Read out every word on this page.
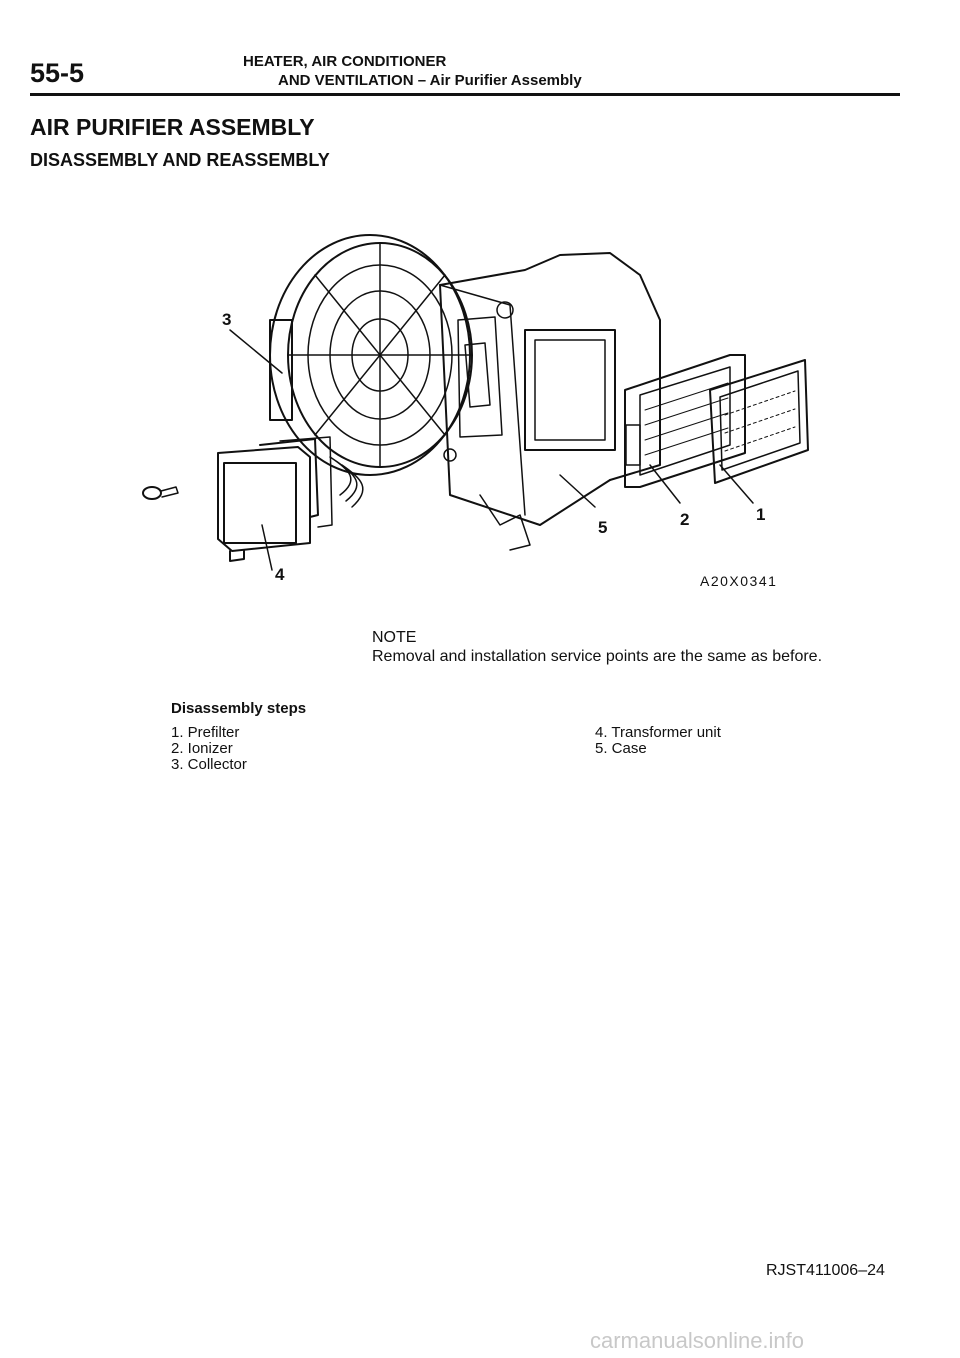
55-5	HEATER, AIR CONDITIONER
AND VENTILATION – Air Purifier Assembly
AIR PURIFIER ASSEMBLY
DISASSEMBLY AND REASSEMBLY
3
4
5	2	1
A20X0341
NOTE
Removal and installation service points are the same as before.
Disassembly steps
1. Prefilter
2. Ionizer
3. Collector
4. Transformer unit
5. Case
RJST411006–24
carmanualsonline.info
